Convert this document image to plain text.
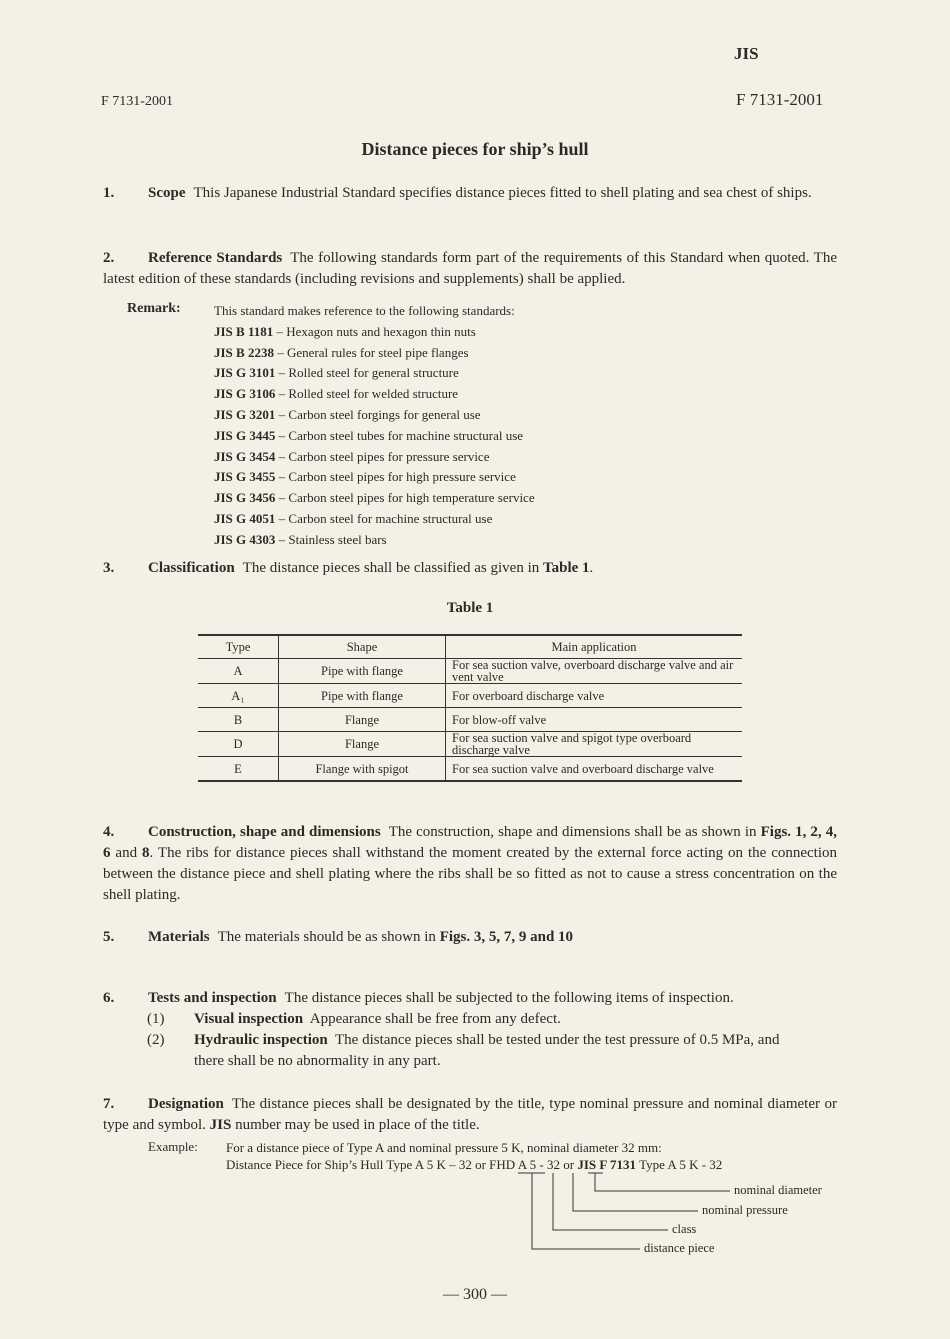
JIS
F 7131-2001	F 7131-2001
Distance pieces for ship’s hull
1. Scope This Japanese Industrial Standard specifies distance pieces fitted to shell plating and sea chest of ships.
2. Reference Standards The following standards form part of the requirements of this Standard when quoted. The latest edition of these standards (including revisions and supplements) shall be applied.
Remark:	This standard makes reference to the following standards:
JIS B 1181 – Hexagon nuts and hexagon thin nuts
JIS B 2238 – General rules for steel pipe flanges
JIS G 3101 – Rolled steel for general structure
JIS G 3106 – Rolled steel for welded structure
JIS G 3201 – Carbon steel forgings for general use
JIS G 3445 – Carbon steel tubes for machine structural use
JIS G 3454 – Carbon steel pipes for pressure service
JIS G 3455 – Carbon steel pipes for high pressure service
JIS G 3456 – Carbon steel pipes for high temperature service
JIS G 4051 – Carbon steel for machine structural use
JIS G 4303 – Stainless steel bars
3. Classification The distance pieces shall be classified as given in Table 1.
Table 1
Type	Shape	Main application
A	Pipe with flange	For sea suction valve, overboard discharge valve and air vent valve
A₁	Pipe with flange	For overboard discharge valve
B	Flange	For blow-off valve
D	Flange	For sea suction valve and spigot type overboard discharge valve
E	Flange with spigot	For sea suction valve and overboard discharge valve
4. Construction, shape and dimensions The construction, shape and dimensions shall be as shown in Figs. 1, 2, 4, 6 and 8. The ribs for distance pieces shall withstand the moment created by the external force acting on the connection between the distance piece and shell plating where the ribs shall be so fitted as not to cause a stress concentration on the shell plating.
5. Materials The materials should be as shown in Figs. 3, 5, 7, 9 and 10
6. Tests and inspection The distance pieces shall be subjected to the following items of inspection.
(1) Visual inspection Appearance shall be free from any defect.
(2) Hydraulic inspection The distance pieces shall be tested under the test pressure of 0.5 MPa, and
there shall be no abnormality in any part.
7. Designation The distance pieces shall be designated by the title, type nominal pressure and nominal diameter or type and symbol. JIS number may be used in place of the title.
Example: For a distance piece of Type A and nominal pressure 5 K, nominal diameter 32 mm:
Distance Piece for Ship’s Hull Type A 5 K – 32 or FHD A 5 - 32 or JIS F 7131 Type A 5 K - 32
nominal diameter
nominal pressure
class
distance piece
— 300 —
